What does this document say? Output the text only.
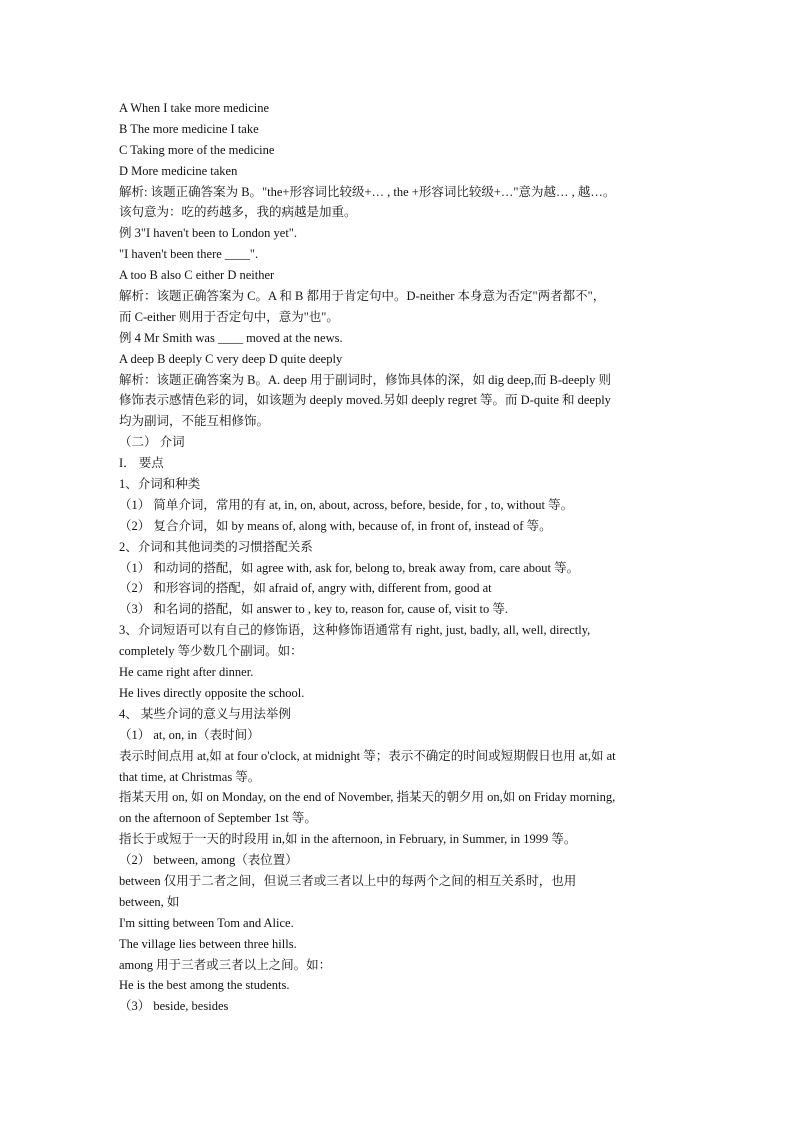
A When I take more medicine
B The more medicine I take
C Taking more of the medicine
D More medicine taken
解析: 该题正确答案为 B。"the+形容词比较级+… , the +形容词比较级+…"意为越… , 越…。
该句意为：吃的药越多，我的病越是加重。
例 3"I haven't been to London yet".
"I haven't been there ____".
A too B also C either D neither
解析：该题正确答案为 C。A 和 B 都用于肯定句中。D-neither 本身意为否定"两者都不"，
而 C-either 则用于否定句中，意为"也"。
例 4 Mr Smith was ____ moved at the news.
A deep B deeply C very deep D quite deeply
解析：该题正确答案为 B。A. deep 用于副词时，修饰具体的深，如 dig deep,而 B-deeply 则
修饰表示感情色彩的词，如该题为 deeply moved.另如 deeply regret 等。而 D-quite 和 deeply
均为副词，不能互相修饰。
（二） 介词
I． 要点
1、介词和种类
（1） 简单介词，常用的有 at, in, on, about, across, before, beside, for , to, without 等。
（2） 复合介词，如 by means of, along with, because of, in front of, instead of 等。
2、介词和其他词类的习惯搭配关系
（1） 和动词的搭配，如 agree with, ask for, belong to, break away from, care about 等。
（2） 和形容词的搭配，如 afraid of, angry with, different from, good at
（3） 和名词的搭配，如 answer to , key to, reason for, cause of, visit to 等.
3、介词短语可以有自己的修饰语，这种修饰语通常有 right, just, badly, all, well, directly,
completely 等少数几个副词。如：
He came right after dinner.
He lives directly opposite the school.
4、 某些介词的意义与用法举例
（1） at, on, in（表时间）
表示时间点用 at,如 at four o'clock, at midnight 等；表示不确定的时间或短期假日也用 at,如 at
that time, at Christmas 等。
指某天用 on, 如 on Monday, on the end of November, 指某天的朝夕用 on,如 on Friday morning,
on the afternoon of September 1st 等。
指长于或短于一天的时段用 in,如 in the afternoon, in February, in Summer, in 1999 等。
（2） between, among（表位置）
between 仅用于二者之间，但说三者或三者以上中的每两个之间的相互关系时，也用
between, 如
I'm sitting between Tom and Alice.
The village lies between three hills.
among 用于三者或三者以上之间。如：
He is the best among the students.
（3） beside, besides
